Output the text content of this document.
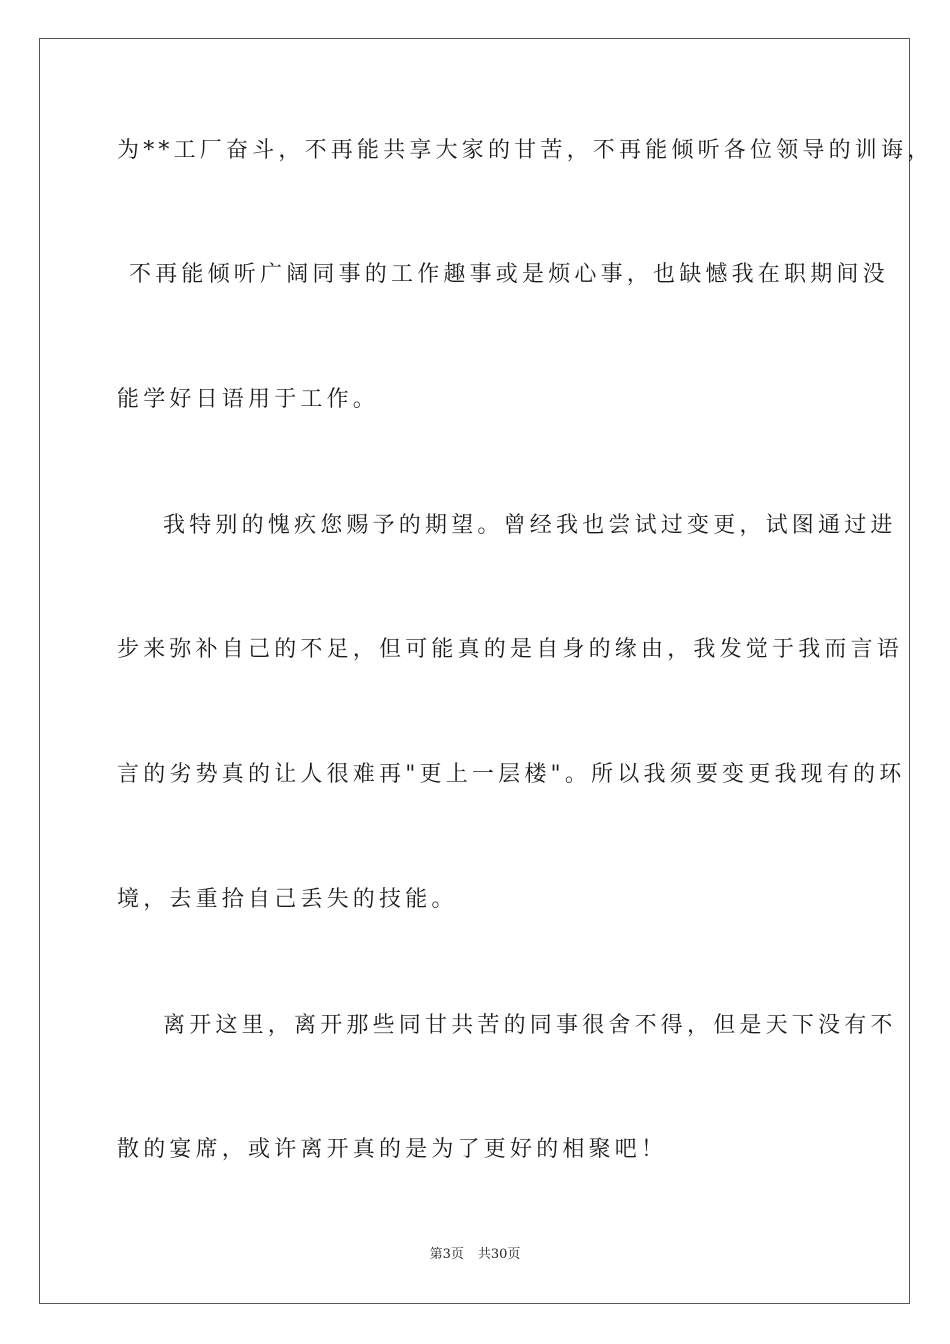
为**工厂奋斗，不再能共享大家的甘苦，不再能倾听各位领导的训诲，
不再能倾听广阔同事的工作趣事或是烦心事，也缺憾我在职期间没
能学好日语用于工作。
我特别的愧疚您赐予的期望。曾经我也尝试过变更，试图通过进
步来弥补自己的不足，但可能真的是自身的缘由，我发觉于我而言语
言的劣势真的让人很难再"更上一层楼"。所以我须要变更我现有的环
境，去重拾自己丢失的技能。
离开这里，离开那些同甘共苦的同事很舍不得，但是天下没有不
散的宴席，或许离开真的是为了更好的相聚吧！
第3页 共30页
